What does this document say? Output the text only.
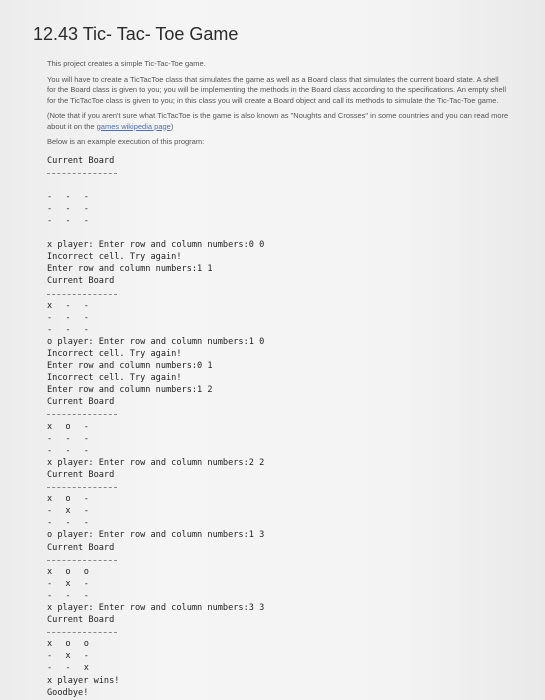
12.43 Tic- Tac- Toe Game

This project creates a simple Tic-Tac-Toe game.

You will have to create a TicTacToe class that simulates the game as well as a Board class that simulates the current board state. A shell for the Board class is given to you; you will be implementing the methods in the Board class according to the specifications. An empty shell for the TicTacToe class is given to you; in this class you will create a Board object and call its methods to simulate the Tic-Tac-Toe game.

(Note that if you aren't sure what TicTacToe is the game is also known as "Noughts and Crosses" in some countries and you can read more about it on the games wikipedia page)

Below is an example execution of this program:

Current Board
- - -
- - -
- - -
x player: Enter row and column numbers:0 0
Incorrect cell. Try again!
Enter row and column numbers:1 1
Current Board
x - -
- - -
- - -
o player: Enter row and column numbers:1 0
Incorrect cell. Try again!
Enter row and column numbers:0 1
Incorrect cell. Try again!
Enter row and column numbers:1 2
Current Board
x o -
- - -
- - -
x player: Enter row and column numbers:2 2
Current Board
x o -
- x -
- - -
o player: Enter row and column numbers:1 3
Current Board
x o o
- x -
- - -
x player: Enter row and column numbers:3 3
Current Board
x o o
- x -
- - x
x player wins!
Goodbye!
